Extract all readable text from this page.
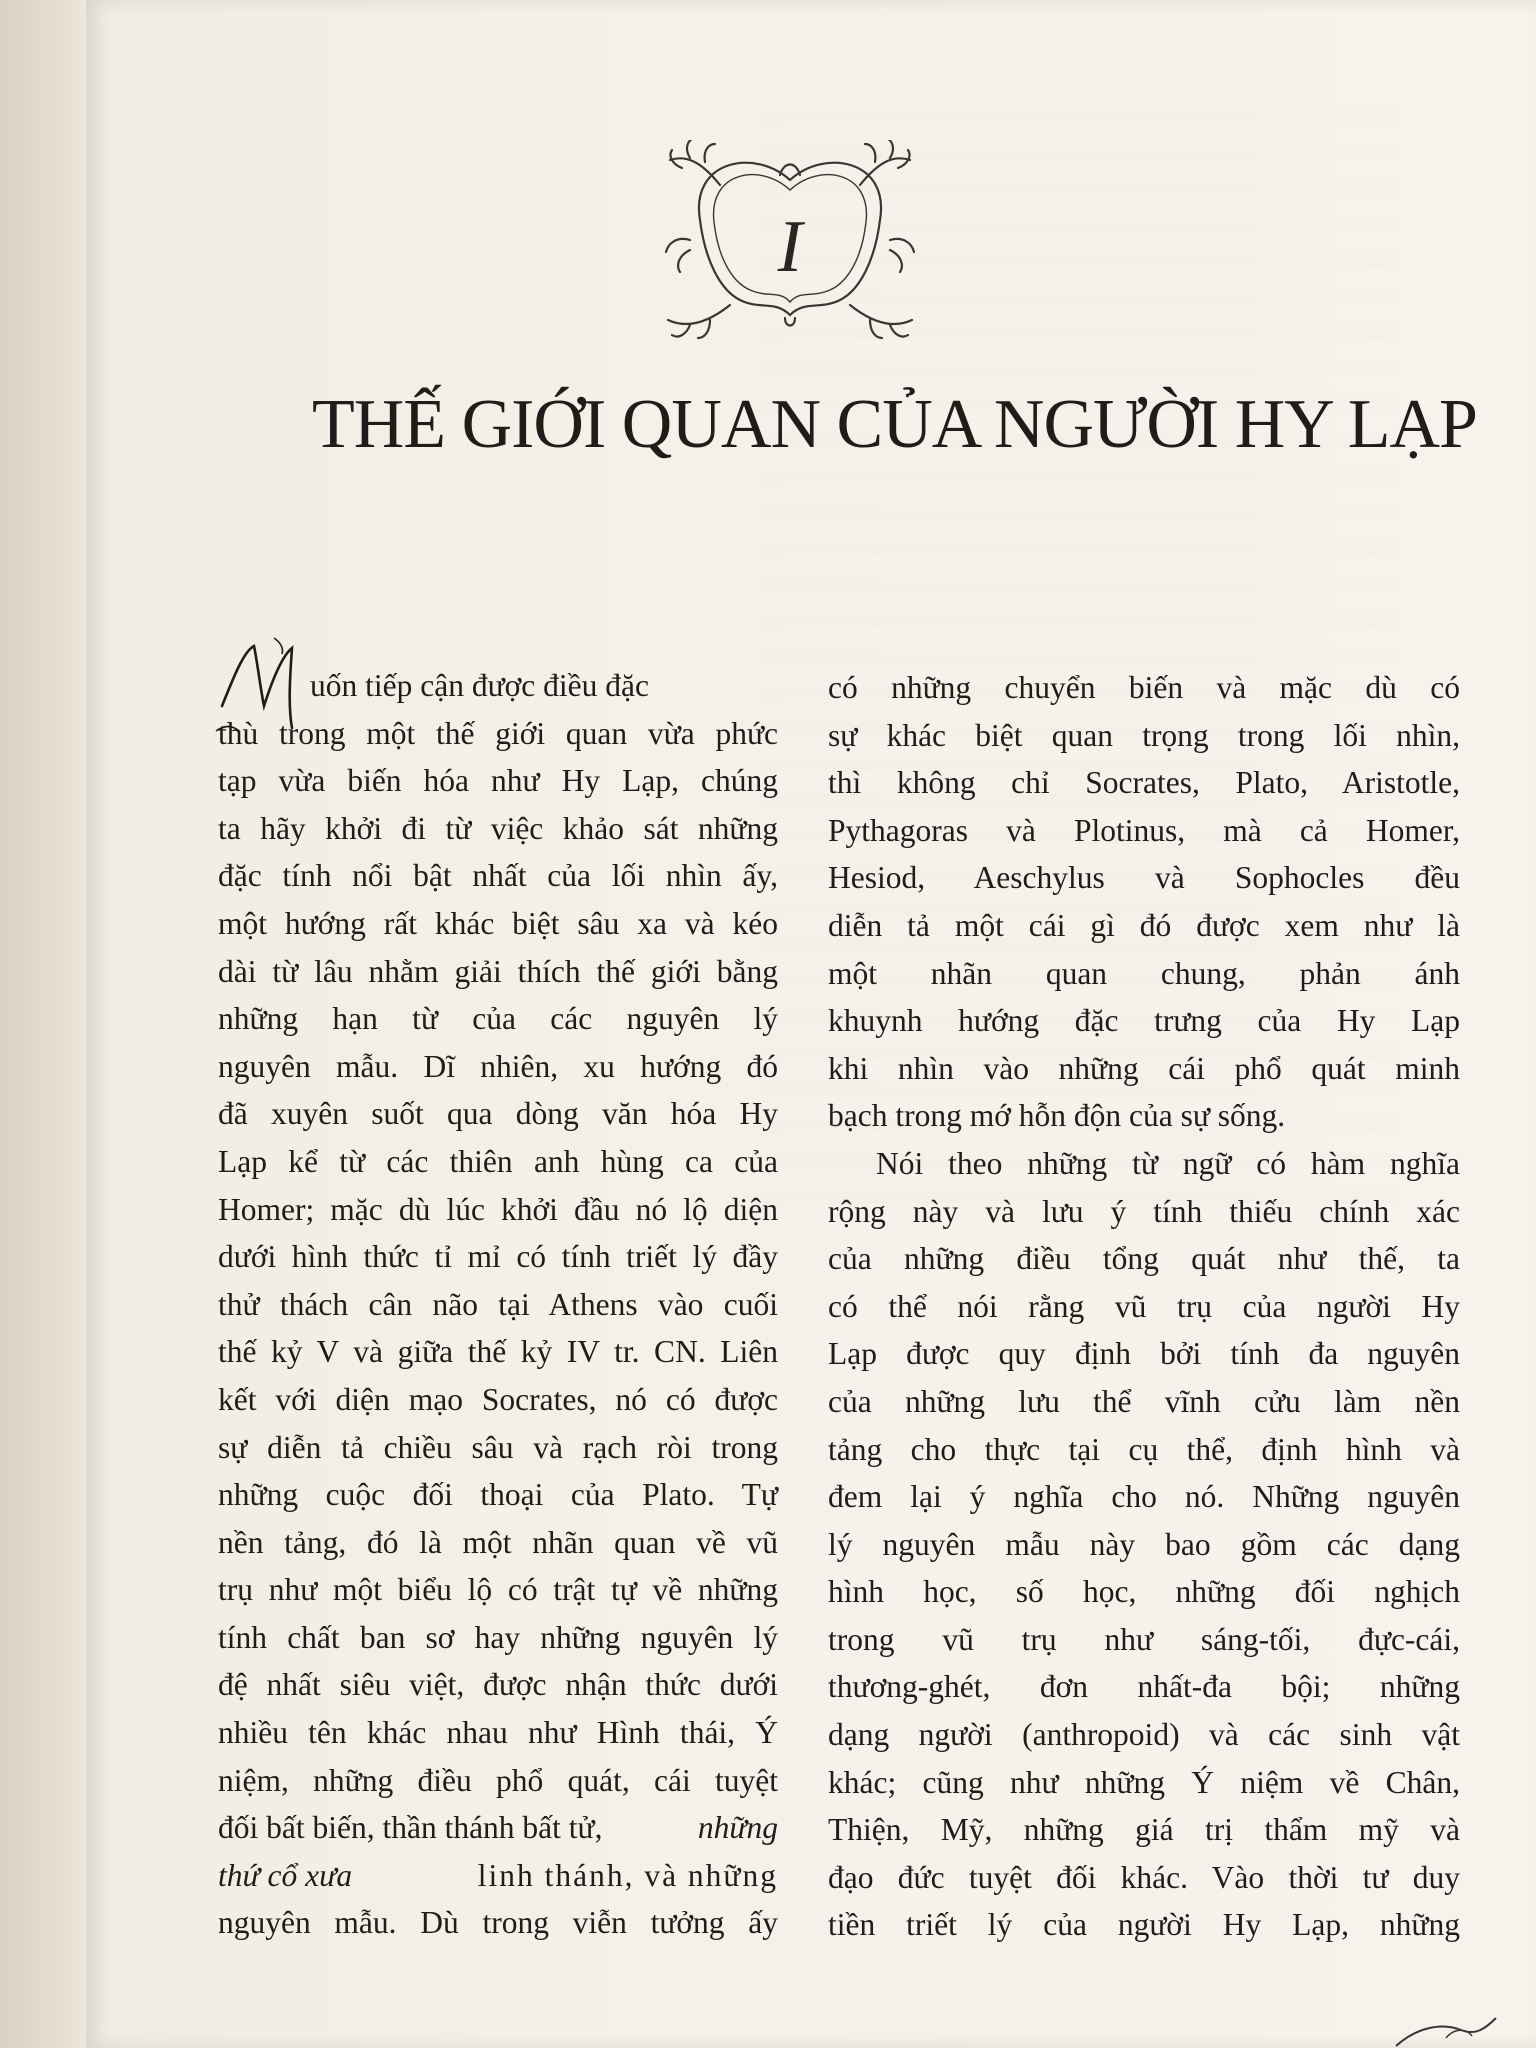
I
THẾ GIỚI QUAN CỦA NGƯỜI HY LẠP
uốn tiếp cận được điều đặc
thù trong một thế giới quan vừa phức
tạp vừa biến hóa như Hy Lạp, chúng
ta hãy khởi đi từ việc khảo sát những
đặc tính nổi bật nhất của lối nhìn ấy,
một hướng rất khác biệt sâu xa và kéo
dài từ lâu nhằm giải thích thế giới bằng
những hạn từ của các nguyên lý
nguyên mẫu. Dĩ nhiên, xu hướng đó
đã xuyên suốt qua dòng văn hóa Hy
Lạp kể từ các thiên anh hùng ca của
Homer; mặc dù lúc khởi đầu nó lộ diện
dưới hình thức tỉ mỉ có tính triết lý đầy
thử thách cân não tại Athens vào cuối
thế kỷ V và giữa thế kỷ IV tr. CN. Liên
kết với diện mạo Socrates, nó có được
sự diễn tả chiều sâu và rạch ròi trong
những cuộc đối thoại của Plato. Tự
nền tảng, đó là một nhãn quan về vũ
trụ như một biểu lộ có trật tự về những
tính chất ban sơ hay những nguyên lý
đệ nhất siêu việt, được nhận thức dưới
nhiều tên khác nhau như Hình thái, Ý
niệm, những điều phổ quát, cái tuyệt
đối bất biến, thần thánh bất tử,	những
thứ cổ xưa	linh thánh, và những
nguyên mẫu. Dù trong viễn tưởng ấy
có những chuyển biến và mặc dù có
sự khác biệt quan trọng trong lối nhìn,
thì không chỉ Socrates, Plato, Aristotle,
Pythagoras và Plotinus, mà cả Homer,
Hesiod, Aeschylus và Sophocles đều
diễn tả một cái gì đó được xem như là
một nhãn quan chung, phản ánh
khuynh hướng đặc trưng của Hy Lạp
khi nhìn vào những cái phổ quát minh
bạch trong mớ hỗn độn của sự sống.
Nói theo những từ ngữ có hàm nghĩa
rộng này và lưu ý tính thiếu chính xác
của những điều tổng quát như thế, ta
có thể nói rằng vũ trụ của người Hy
Lạp được quy định bởi tính đa nguyên
của những lưu thể vĩnh cửu làm nền
tảng cho thực tại cụ thể, định hình và
đem lại ý nghĩa cho nó. Những nguyên
lý nguyên mẫu này bao gồm các dạng
hình học, số học, những đối nghịch
trong vũ trụ như sáng-tối, đực-cái,
thương-ghét, đơn nhất-đa bội; những
dạng người (anthropoid) và các sinh vật
khác; cũng như những Ý niệm về Chân,
Thiện, Mỹ, những giá trị thẩm mỹ và
đạo đức tuyệt đối khác. Vào thời tư duy
tiền triết lý của người Hy Lạp, những
